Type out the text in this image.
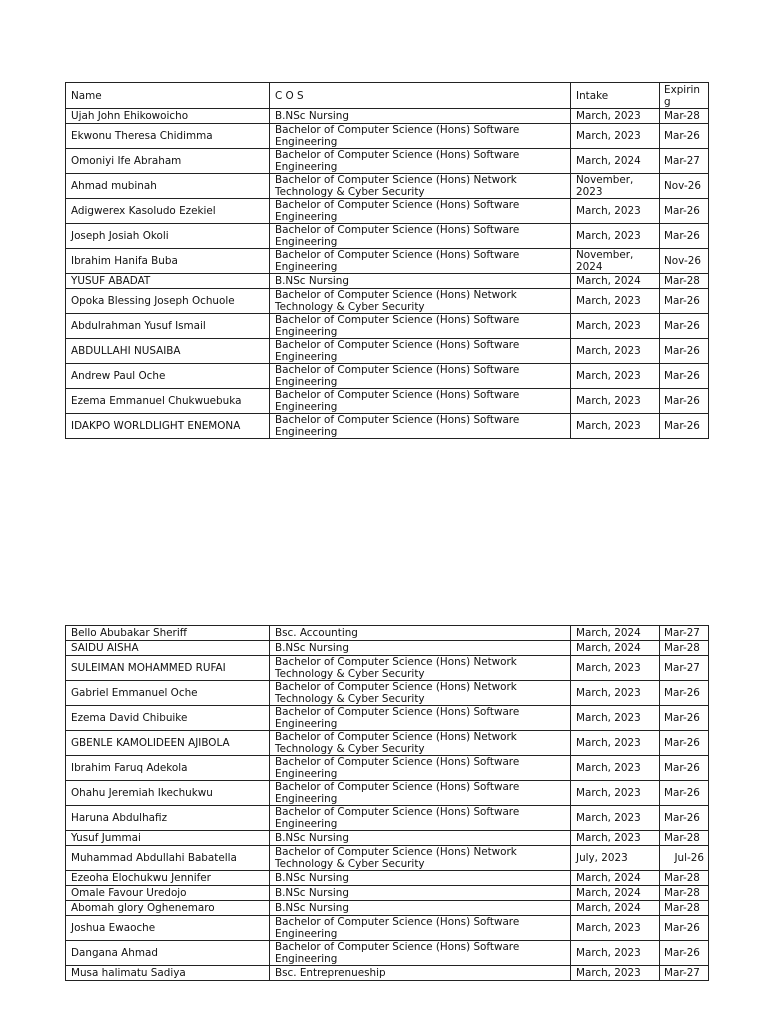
Name	C O S	Intake	Expiring
Ujah John Ehikowoicho	B.NSc Nursing	March, 2023	Mar-28
Ekwonu Theresa Chidimma	Bachelor of Computer Science (Hons) Software Engineering	March, 2023	Mar-26
Omoniyi Ife Abraham	Bachelor of Computer Science (Hons) Software Engineering	March, 2024	Mar-27
Ahmad mubinah	Bachelor of Computer Science (Hons) Network Technology & Cyber Security	November, 2023	Nov-26
Adigwerex Kasoludo Ezekiel	Bachelor of Computer Science (Hons) Software Engineering	March, 2023	Mar-26
Joseph Josiah Okoli	Bachelor of Computer Science (Hons) Software Engineering	March, 2023	Mar-26
Ibrahim Hanifa Buba	Bachelor of Computer Science (Hons) Software Engineering	November, 2024	Nov-26
YUSUF ABADAT	B.NSc Nursing	March, 2024	Mar-28
Opoka Blessing Joseph Ochuole	Bachelor of Computer Science (Hons) Network Technology & Cyber Security	March, 2023	Mar-26
Abdulrahman Yusuf Ismail	Bachelor of Computer Science (Hons) Software Engineering	March, 2023	Mar-26
ABDULLAHI NUSAIBA	Bachelor of Computer Science (Hons) Software Engineering	March, 2023	Mar-26
Andrew Paul Oche	Bachelor of Computer Science (Hons) Software Engineering	March, 2023	Mar-26
Ezema Emmanuel Chukwuebuka	Bachelor of Computer Science (Hons) Software Engineering	March, 2023	Mar-26
IDAKPO WORLDLIGHT ENEMONA	Bachelor of Computer Science (Hons) Software Engineering	March, 2023	Mar-26
Bello Abubakar Sheriff	Bsc. Accounting	March, 2024	Mar-27
SAIDU AISHA	B.NSc Nursing	March, 2024	Mar-28
SULEIMAN MOHAMMED RUFAI	Bachelor of Computer Science (Hons) Network Technology & Cyber Security	March, 2023	Mar-27
Gabriel Emmanuel Oche	Bachelor of Computer Science (Hons) Network Technology & Cyber Security	March, 2023	Mar-26
Ezema David Chibuike	Bachelor of Computer Science (Hons) Software Engineering	March, 2023	Mar-26
GBENLE KAMOLIDEEN AJIBOLA	Bachelor of Computer Science (Hons) Network Technology & Cyber Security	March, 2023	Mar-26
Ibrahim Faruq Adekola	Bachelor of Computer Science (Hons) Software Engineering	March, 2023	Mar-26
Ohahu Jeremiah Ikechukwu	Bachelor of Computer Science (Hons) Software Engineering	March, 2023	Mar-26
Haruna Abdulhafiz	Bachelor of Computer Science (Hons) Software Engineering	March, 2023	Mar-26
Yusuf Jummai	B.NSc Nursing	March, 2023	Mar-28
Muhammad Abdullahi Babatella	Bachelor of Computer Science (Hons) Network Technology & Cyber Security	July, 2023	Jul-26
Ezeoha Elochukwu Jennifer	B.NSc Nursing	March, 2024	Mar-28
Omale Favour Uredojo	B.NSc Nursing	March, 2024	Mar-28
Abomah glory Oghenemaro	B.NSc Nursing	March, 2024	Mar-28
Joshua Ewaoche	Bachelor of Computer Science (Hons) Software Engineering	March, 2023	Mar-26
Dangana Ahmad	Bachelor of Computer Science (Hons) Software Engineering	March, 2023	Mar-26
Musa halimatu Sadiya	Bsc. Entreprenueship	March, 2023	Mar-27
